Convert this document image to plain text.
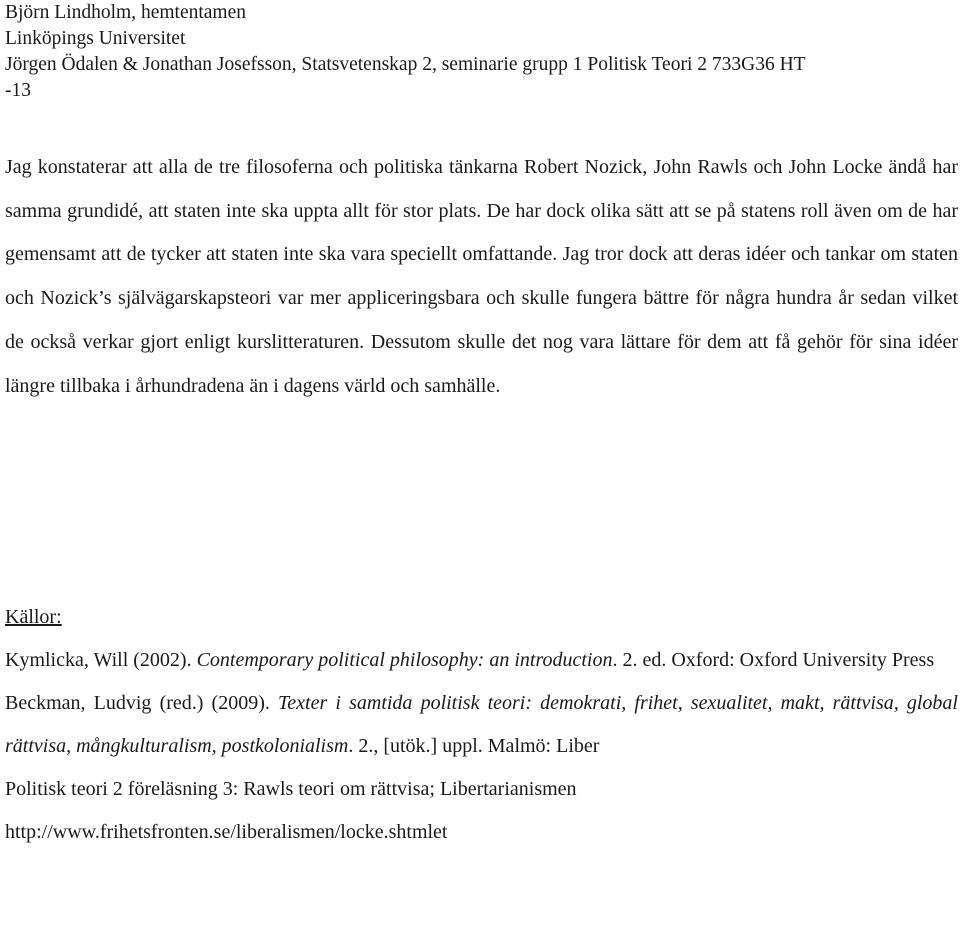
Björn Lindholm, hemtentamen
Linköpings Universitet
Jörgen Ödalen & Jonathan Josefsson, Statsvetenskap 2, seminarie grupp 1 Politisk Teori 2 733G36 HT
-13
Jag konstaterar att alla de tre filosoferna och politiska tänkarna Robert Nozick, John Rawls och John Locke ändå har samma grundidé, att staten inte ska uppta allt för stor plats. De har dock olika sätt att se på statens roll även om de har gemensamt att de tycker att staten inte ska vara speciellt omfattande. Jag tror dock att deras idéer och tankar om staten och Nozick’s självägarskapsteori var mer appliceringsbara och skulle fungera bättre för några hundra år sedan vilket de också verkar gjort enligt kurslitteraturen. Dessutom skulle det nog vara lättare för dem att få gehör för sina idéer längre tillbaka i århundradena än i dagens värld och samhälle.
Källor:
Kymlicka, Will (2002). Contemporary political philosophy: an introduction. 2. ed. Oxford: Oxford University Press
Beckman, Ludvig (red.) (2009). Texter i samtida politisk teori: demokrati, frihet, sexualitet, makt, rättvisa, global rättvisa, mångkulturalism, postkolonialism. 2., [utök.] uppl. Malmö: Liber
Politisk teori 2 föreläsning 3: Rawls teori om rättvisa; Libertarianismen
http://www.frihetsfronten.se/liberalismen/locke.shtmlet
